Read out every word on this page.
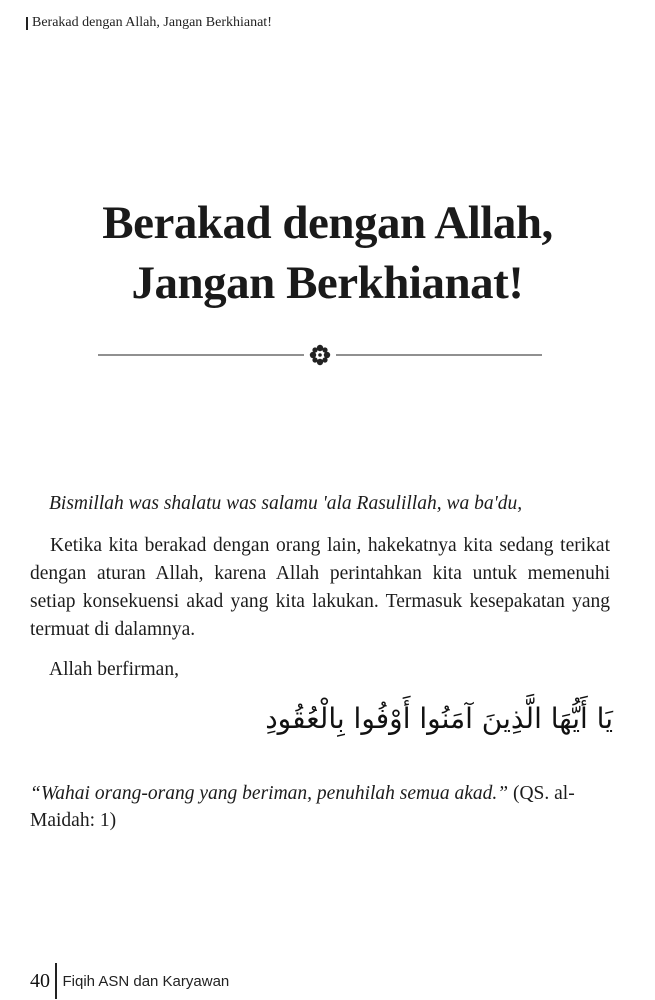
Berakad dengan Allah, Jangan Berkhianat!
Berakad dengan Allah,
Jangan Berkhianat!
Bismillah was shalatu was salamu 'ala Rasulillah, wa ba'du,
Ketika kita berakad dengan orang lain, hakekatnya kita sedang terikat dengan aturan Allah, karena Allah perintahkan kita untuk memenuhi setiap konsekuensi akad yang kita lakukan. Termasuk kesepakatan yang termuat di dalamnya.
Allah berfirman,
يَا أَيُّهَا الَّذِينَ آمَنُوا أَوْفُوا بِالْعُقُودِ
“Wahai orang-orang yang beriman, penuhilah semua akad.” (QS. al-Maidah: 1)
40 Fiqih ASN dan Karyawan
